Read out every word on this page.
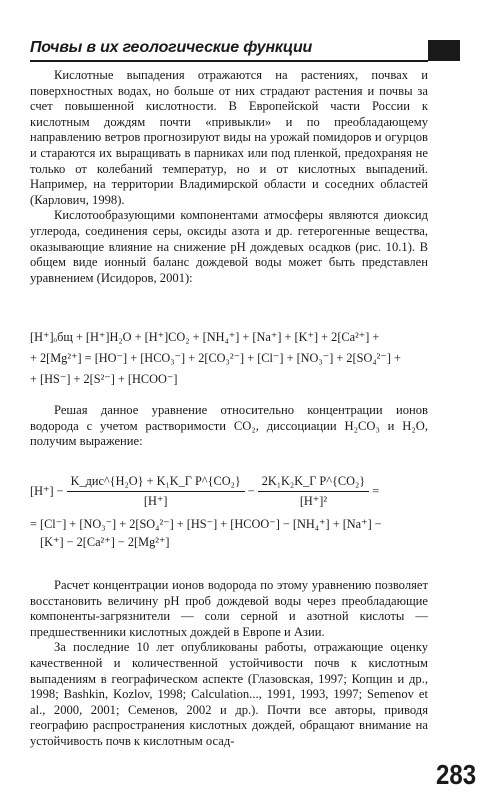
Почвы в их геологические функции

Кислотные выпадения отражаются на растениях, почвах и поверхностных водах, но больше от них страдают растения и почвы за счет повышенной кислотности. В Европейской части России к кислотным дождям почти «привыкли» и по преобладающему направлению ветров прогнозируют виды на урожай помидоров и огурцов и стараются их выращивать в парниках или под пленкой, предохраняя не только от колебаний температур, но и от кислотных выпадений. Например, на территории Владимирской области и соседних областей (Карлович, 1998).

Кислотообразующими компонентами атмосферы являются диоксид углерода, соединения серы, оксиды азота и др. гетерогенные вещества, оказывающие влияние на снижение pH дождевых осадков (рис. 10.1). В общем виде ионный баланс дождевой воды может быть представлен уравнением (Исидоров, 2001):

[H⁺]ₒбщ + [H⁺]H₂O + [H⁺]CO₂ + [NH₄⁺] + [Na⁺] + [K⁺] + 2[Ca²⁺] +
+ 2[Mg²⁺] = [HO⁻] + [HCO₃⁻] + 2[CO₃²⁻] + [Cl⁻] + [NO₃⁻] + 2[SO₄²⁻] +
+ [HS⁻] + 2[S²⁻] + [HCOO⁻]

Решая данное уравнение относительно концентрации ионов водорода с учетом растворимости CO₂, диссоциации H₂CO₃ и H₂O, получим выражение:

$[H^+] - \frac{\text{K\_дис\textasciicircum{}\{H₂O\} + K₁K\_Γ P\textasciicircum{}\{CO₂\}}}{[H^+]} - \frac{\text{2K₁K₂K\_Γ P\textasciicircum{}\{CO₂\}}}{\text{[H⁺]²}}$ =
= [Cl⁻] + [NO₃⁻] + 2[SO₄²⁻] + [HS⁻] + [HCOO⁻] − [NH₄⁺] + [Na⁺] −
[K⁺] − 2[Ca²⁺] − 2[Mg²⁺]

Расчет концентрации ионов водорода по этому уравнению позволяет восстановить величину pH проб дождевой воды через преобладающие компоненты-загрязнители — соли серной и азотной кислоты — предшественники кислотных дождей в Европе и Азии.

За последние 10 лет опубликованы работы, отражающие оценку качественной и количественной устойчивости почв к кислотным выпадениям в географическом аспекте (Глазовская, 1997; Копцин и др., 1998; Bashkin, Kozlov, 1998; Calculation..., 1991, 1993, 1997; Semenov et al., 2000, 2001; Семенов, 2002 и др.). Почти все авторы, приводя географию распространения кислотных дождей, обращают внимание на устойчивость почв к кислотным осад-

283
